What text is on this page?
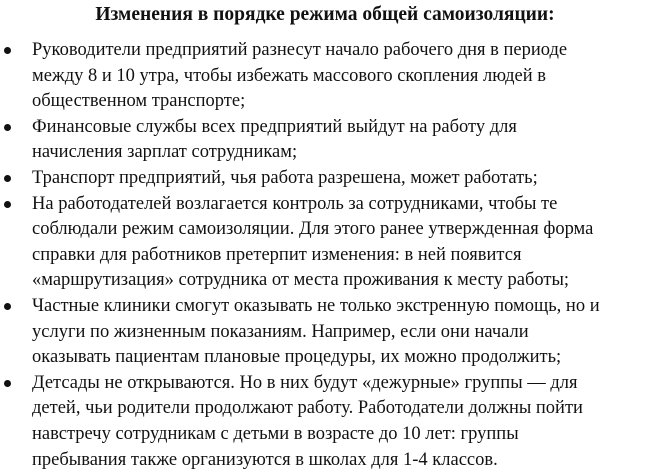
Изменения в порядке режима общей самоизоляции:
Руководители предприятий разнесут начало рабочего дня в периоде
между 8 и 10 утра, чтобы избежать массового скопления людей в
общественном транспорте;
Финансовые службы всех предприятий выйдут на работу для
начисления зарплат сотрудникам;
Транспорт предприятий, чья работа разрешена, может работать;
На работодателей возлагается контроль за сотрудниками, чтобы те
соблюдали режим самоизоляции. Для этого ранее утвержденная форма
справки для работников претерпит изменения: в ней появится
«маршрутизация» сотрудника от места проживания к месту работы;
Частные клиники смогут оказывать не только экстренную помощь, но и
услуги по жизненным показаниям. Например, если они начали
оказывать пациентам плановые процедуры, их можно продолжить;
Детсады не открываются. Но в них будут «дежурные» группы — для
детей, чьи родители продолжают работу. Работодатели должны пойти
навстречу сотрудникам с детьми в возрасте до 10 лет: группы
пребывания также организуются в школах для 1-4 классов.
